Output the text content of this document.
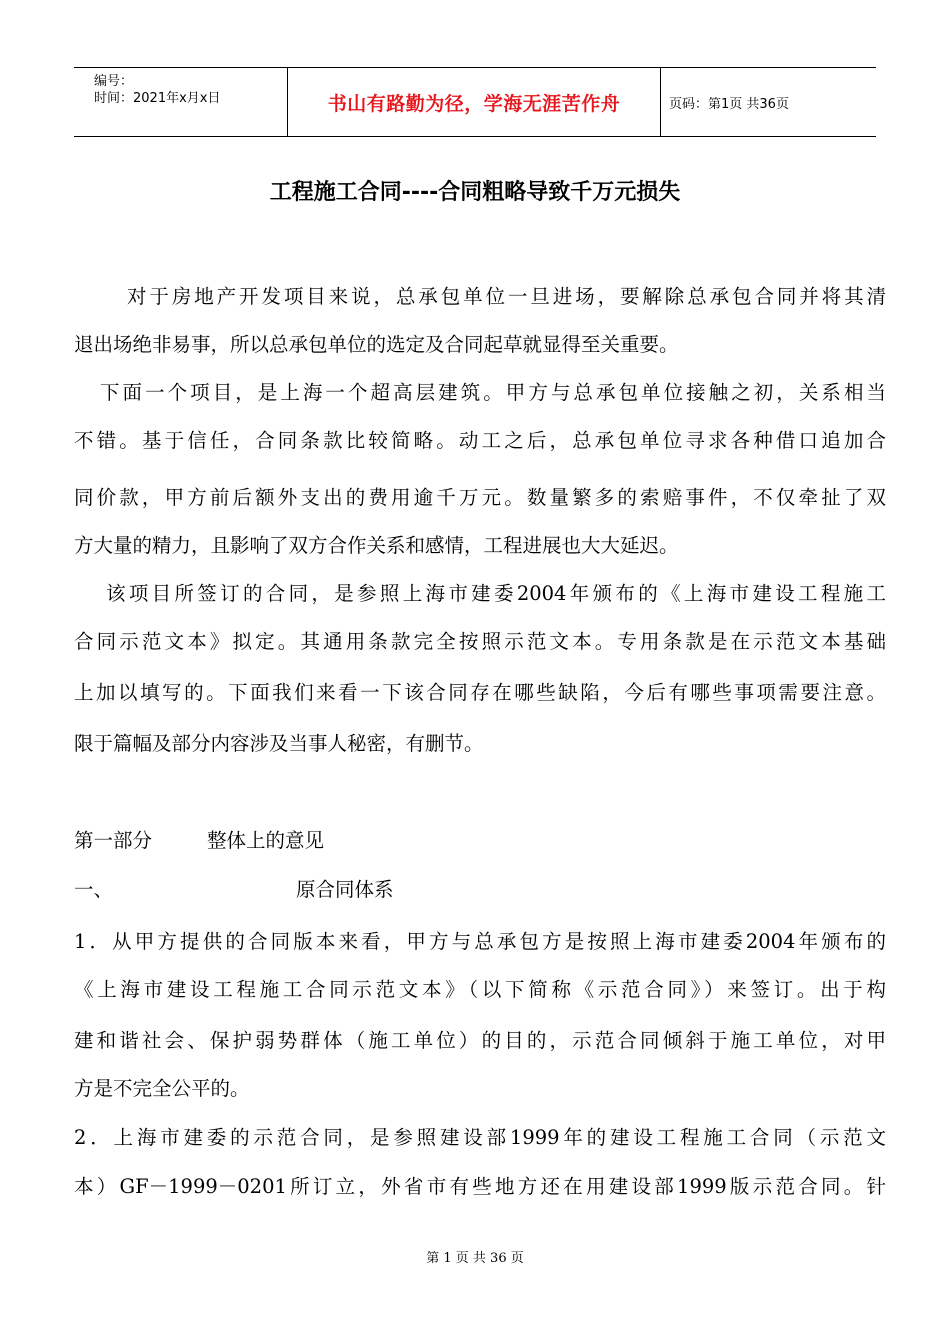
编号：
时间：2021年x月x日	书山有路勤为径，学海无涯苦作舟	页码：第1页 共36页
工程施工合同----合同粗略导致千万元损失
对于房地产开发项目来说，总承包单位一旦进场，要解除总承包合同并将其清
退出场绝非易事，所以总承包单位的选定及合同起草就显得至关重要。
下面一个项目，是上海一个超高层建筑。甲方与总承包单位接触之初，关系相当
不错。基于信任，合同条款比较简略。动工之后，总承包单位寻求各种借口追加合
同价款，甲方前后额外支出的费用逾千万元。数量繁多的索赔事件，不仅牵扯了双
方大量的精力，且影响了双方合作关系和感情，工程进展也大大延迟。
该项目所签订的合同，是参照上海市建委2004年颁布的《上海市建设工程施工
合同示范文本》拟定。其通用条款完全按照示范文本。专用条款是在示范文本基础
上加以填写的。下面我们来看一下该合同存在哪些缺陷，今后有哪些事项需要注意。
限于篇幅及部分内容涉及当事人秘密，有删节。
第一部分	整体上的意见
一、	原合同体系
1．从甲方提供的合同版本来看，甲方与总承包方是按照上海市建委2004年颁布的
《上海市建设工程施工合同示范文本》（以下简称《示范合同》）来签订。出于构
建和谐社会、保护弱势群体（施工单位）的目的，示范合同倾斜于施工单位，对甲
方是不完全公平的。
2．上海市建委的示范合同，是参照建设部1999年的建设工程施工合同（示范文
本）GF－1999－0201所订立，外省市有些地方还在用建设部1999版示范合同。针
第 1 页 共 36 页
